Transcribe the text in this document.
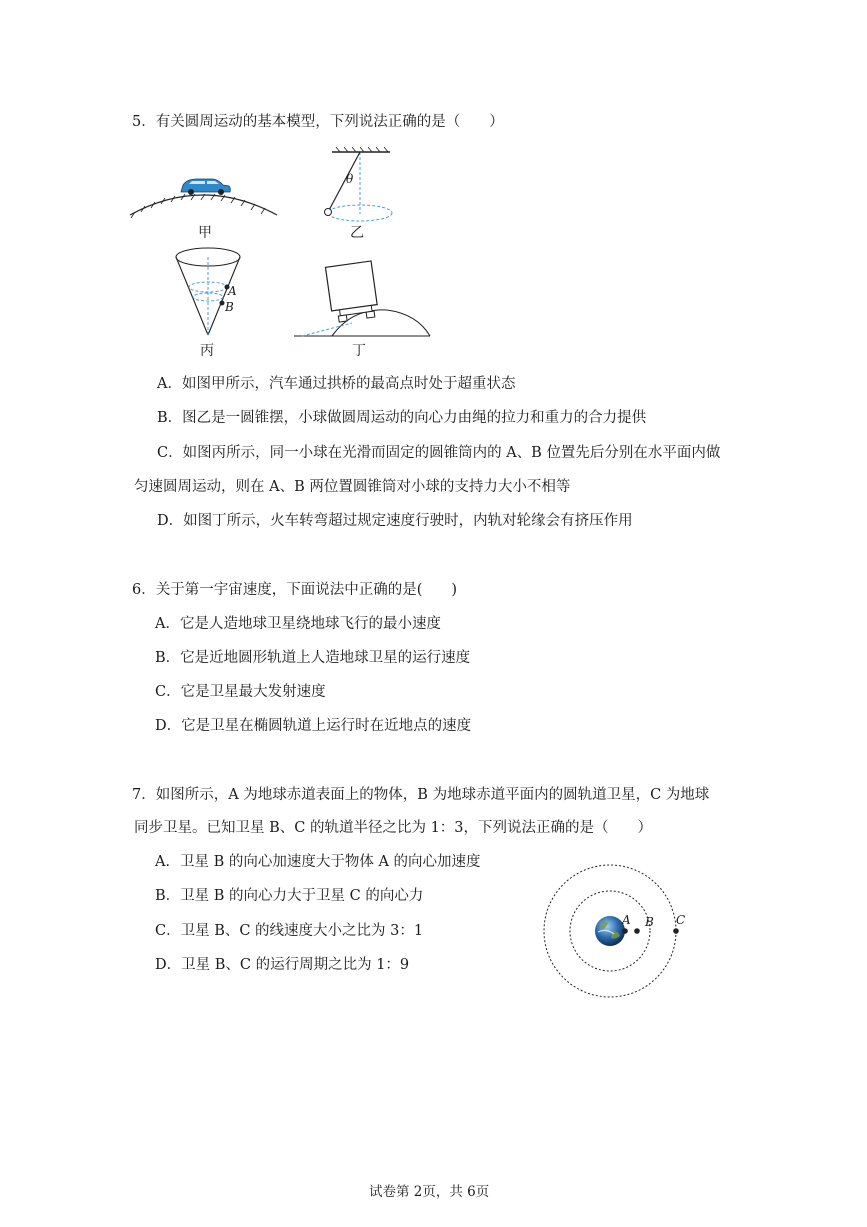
5．有关圆周运动的基本模型，下列说法正确的是（　　）
甲
θ
乙
A
B
丙	丁
A．如图甲所示，汽车通过拱桥的最高点时处于超重状态
B．图乙是一圆锥摆，小球做圆周运动的向心力由绳的拉力和重力的合力提供
C．如图丙所示，同一小球在光滑而固定的圆锥筒内的 A、B 位置先后分别在水平面内做
匀速圆周运动，则在 A、B 两位置圆锥筒对小球的支持力大小不相等
D．如图丁所示，火车转弯超过规定速度行驶时，内轨对轮缘会有挤压作用
6．关于第一宇宙速度，下面说法中正确的是(　　)
A．它是人造地球卫星绕地球飞行的最小速度
B．它是近地圆形轨道上人造地球卫星的运行速度
C．它是卫星最大发射速度
D．它是卫星在椭圆轨道上运行时在近地点的速度
7．如图所示，A 为地球赤道表面上的物体，B 为地球赤道平面内的圆轨道卫星，C 为地球
同步卫星。已知卫星 B、C 的轨道半径之比为 1：3，下列说法正确的是（　　）
A．卫星 B 的向心加速度大于物体 A 的向心加速度
B．卫星 B 的向心力大于卫星 C 的向心力
C．卫星 B、C 的线速度大小之比为 3：1
D．卫星 B、C 的运行周期之比为 1：9
A B C
试卷第 2页，共 6页
